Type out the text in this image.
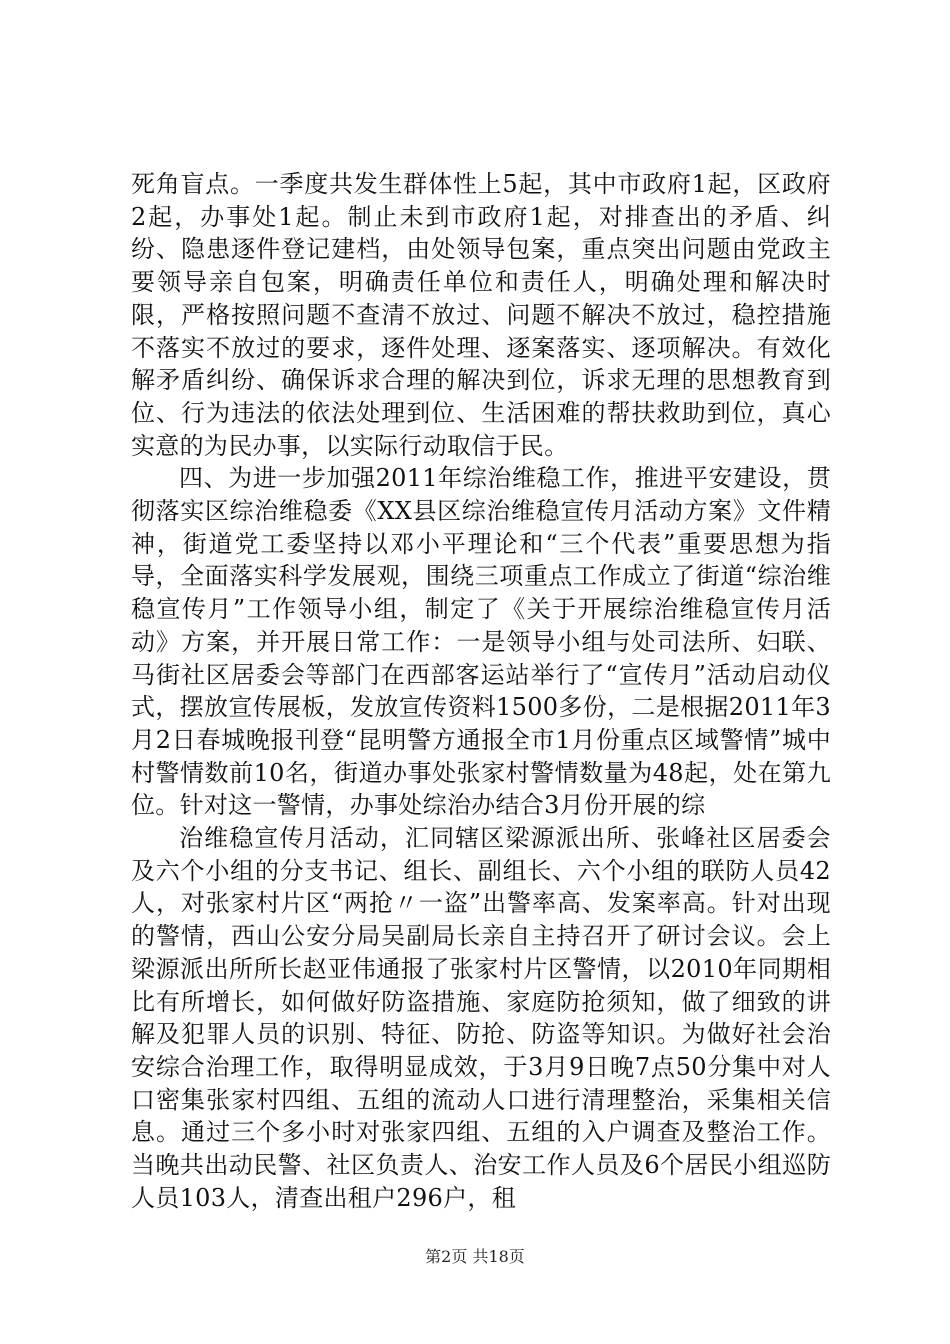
死角盲点。一季度共发生群体性上5起，其中市政府1起，区政府2起，办事处1起。制止未到市政府1起，对排查出的矛盾、纠纷、隐患逐件登记建档，由处领导包案，重点突出问题由党政主要领导亲自包案，明确责任单位和责任人，明确处理和解决时限，严格按照问题不查清不放过、问题不解决不放过，稳控措施不落实不放过的要求，逐件处理、逐案落实、逐项解决。有效化解矛盾纠纷、确保诉求合理的解决到位，诉求无理的思想教育到位、行为违法的依法处理到位、生活困难的帮扶救助到位，真心实意的为民办事，以实际行动取信于民。

四、为进一步加强2011年综治维稳工作，推进平安建设，贯彻落实区综治维稳委《XX县区综治维稳宣传月活动方案》文件精神，街道党工委坚持以邓小平理论和“三个代表”重要思想为指导，全面落实科学发展观，围绕三项重点工作成立了街道“综治维稳宣传月”工作领导小组，制定了《关于开展综治维稳宣传月活动》方案，并开展日常工作：一是领导小组与处司法所、妇联、马街社区居委会等部门在西部客运站举行了“宣传月”活动启动仪式，摆放宣传展板，发放宣传资料1500多份，二是根据2011年3月2日春城晚报刊登“昆明警方通报全市1月份重点区域警情”城中村警情数前10名，街道办事处张家村警情数量为48起，处在第九位。针对这一警情，办事处综治办结合3月份开展的综

治维稳宣传月活动，汇同辖区梁源派出所、张峰社区居委会及六个小组的分支书记、组长、副组长、六个小组的联防人员42人，对张家村片区“两抢〃一盗”出警率高、发案率高。针对出现的警情，西山公安分局吴副局长亲自主持召开了研讨会议。会上梁源派出所所长赵亚伟通报了张家村片区警情，以2010年同期相比有所增长，如何做好防盗措施、家庭防抢须知，做了细致的讲解及犯罪人员的识别、特征、防抢、防盗等知识。为做好社会治安综合治理工作，取得明显成效，于3月9日晚7点50分集中对人口密集张家村四组、五组的流动人口进行清理整治，采集相关信息。通过三个多小时对张家四组、五组的入户调查及整治工作。当晚共出动民警、社区负责人、治安工作人员及6个居民小组巡防人员103人，清查出租户296户，租

第2页 共18页
